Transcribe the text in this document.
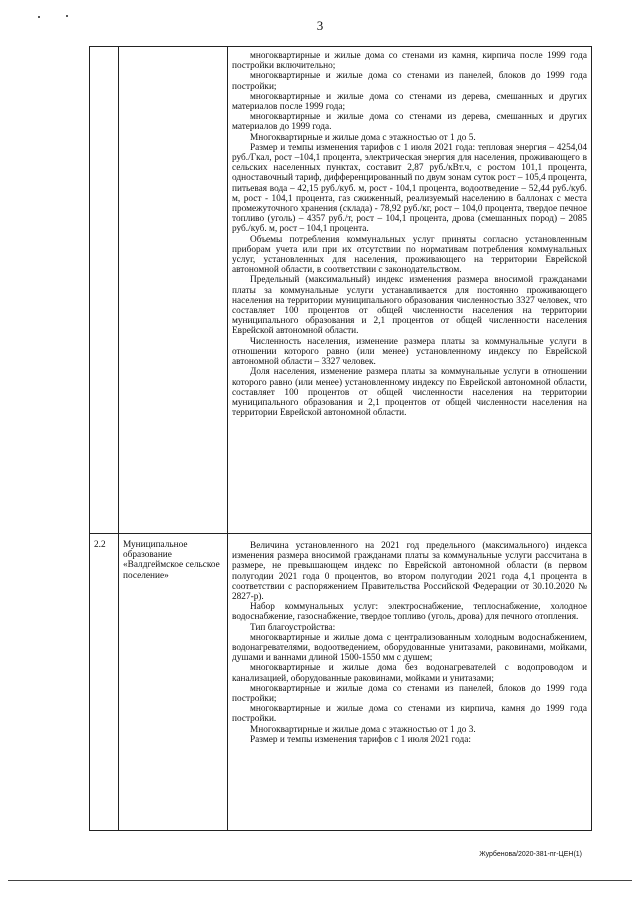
3

многоквартирные и жилые дома со стенами из камня, кирпича после 1999 года постройки включительно;

многоквартирные и жилые дома со стенами из панелей, блоков до 1999 года постройки;

многоквартирные и жилые дома со стенами из дерева, смешанных и других материалов после 1999 года;

многоквартирные и жилые дома со стенами из дерева, смешанных и других материалов до 1999 года.

Многоквартирные и жилые дома с этажностью от 1 до 5.

Размер и темпы изменения тарифов с 1 июля 2021 года: тепловая энергия – 4254,04 руб./Гкал, рост –104,1 процента, электрическая энергия для населения, проживающего в сельских населенных пунктах, составит 2,87 руб./кВт.ч, с ростом 101,1 процента, одноставочный тариф, дифференцированный по двум зонам суток рост – 105,4 процента, питьевая вода – 42,15 руб./куб. м, рост - 104,1 процента, водоотведение – 52,44 руб./куб. м, рост - 104,1 процента, газ сжиженный, реализуемый населению в баллонах с места промежуточного хранения (склада) - 78,92 руб./кг, рост – 104,0 процента, твердое печное топливо (уголь) – 4357 руб./т, рост – 104,1 процента, дрова (смешанных пород) – 2085 руб./куб. м, рост – 104,1 процента.

Объемы потребления коммунальных услуг приняты согласно установленным приборам учета или при их отсутствии по нормативам потребления коммунальных услуг, установленных для населения, проживающего на территории Еврейской автономной области, в соответствии с законодательством.

Предельный (максимальный) индекс изменения размера вносимой гражданами платы за коммунальные услуги устанавливается для постоянно проживающего населения на территории муниципального образования численностью 3327 человек, что составляет 100 процентов от общей численности населения на территории муниципального образования и 2,1 процентов от общей численности населения Еврейской автономной области.

Численность населения, изменение размера платы за коммунальные услуги в отношении которого равно (или менее) установленному индексу по Еврейской автономной области – 3327 человек.

Доля населения, изменение размера платы за коммунальные услуги в отношении которого равно (или менее) установленному индексу по Еврейской автономной области, составляет 100 процентов от общей численности населения на территории муниципального образования и 2,1 процентов от общей численности населения на территории Еврейской автономной области.

2.2	Муниципальное образование «Валдгеймское сельское поселение»

Величина установленного на 2021 год предельного (максимального) индекса изменения размера вносимой гражданами платы за коммунальные услуги рассчитана в размере, не превышающем индекс по Еврейской автономной области (в первом полугодии 2021 года 0 процентов, во втором полугодии 2021 года 4,1 процента в соответствии с распоряжением Правительства Российской Федерации от 30.10.2020 № 2827-р).

Набор коммунальных услуг: электроснабжение, теплоснабжение, холодное водоснабжение, газоснабжение, твердое топливо (уголь, дрова) для печного отопления.

Тип благоустройства:

многоквартирные и жилые дома с централизованным холодным водоснабжением, водонагревателями, водоотведением, оборудованные унитазами, раковинами, мойками, душами и ваннами длиной 1500-1550 мм с душем;

многоквартирные и жилые дома без водонагревателей с водопроводом и канализацией, оборудованные раковинами, мойками и унитазами;

многоквартирные и жилые дома со стенами из панелей, блоков до 1999 года постройки;

многоквартирные и жилые дома со стенами из кирпича, камня до 1999 года постройки.

Многоквартирные и жилые дома с этажностью от 1 до 3.

Размер и темпы изменения тарифов с 1 июля 2021 года:

Журбенова/2020-381-пг-ЦЕН(1)
